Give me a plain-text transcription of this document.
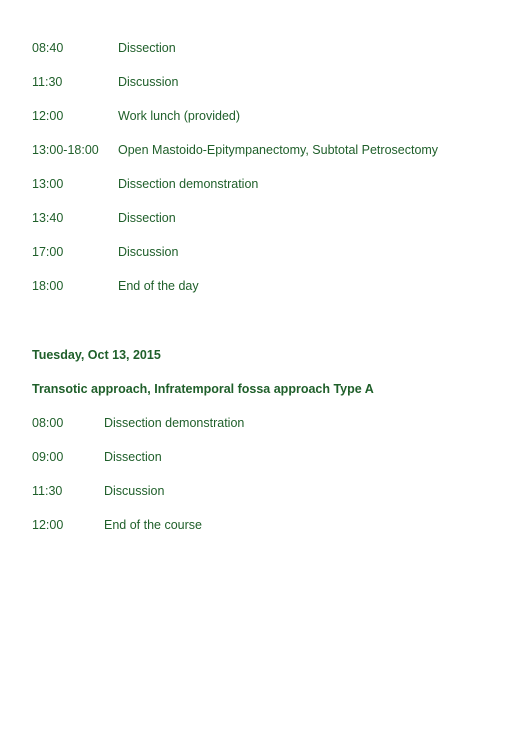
08:40	Dissection
11:30	Discussion
12:00	Work lunch (provided)
13:00-18:00 Open Mastoido-Epitympanectomy, Subtotal Petrosectomy
13:00	Dissection demonstration
13:40	Dissection
17:00	Discussion
18:00	End of the day
Tuesday, Oct 13, 2015
Transotic approach, Infratemporal fossa approach Type A
08:00	Dissection demonstration
09:00	Dissection
11:30	Discussion
12:00	End of the course
